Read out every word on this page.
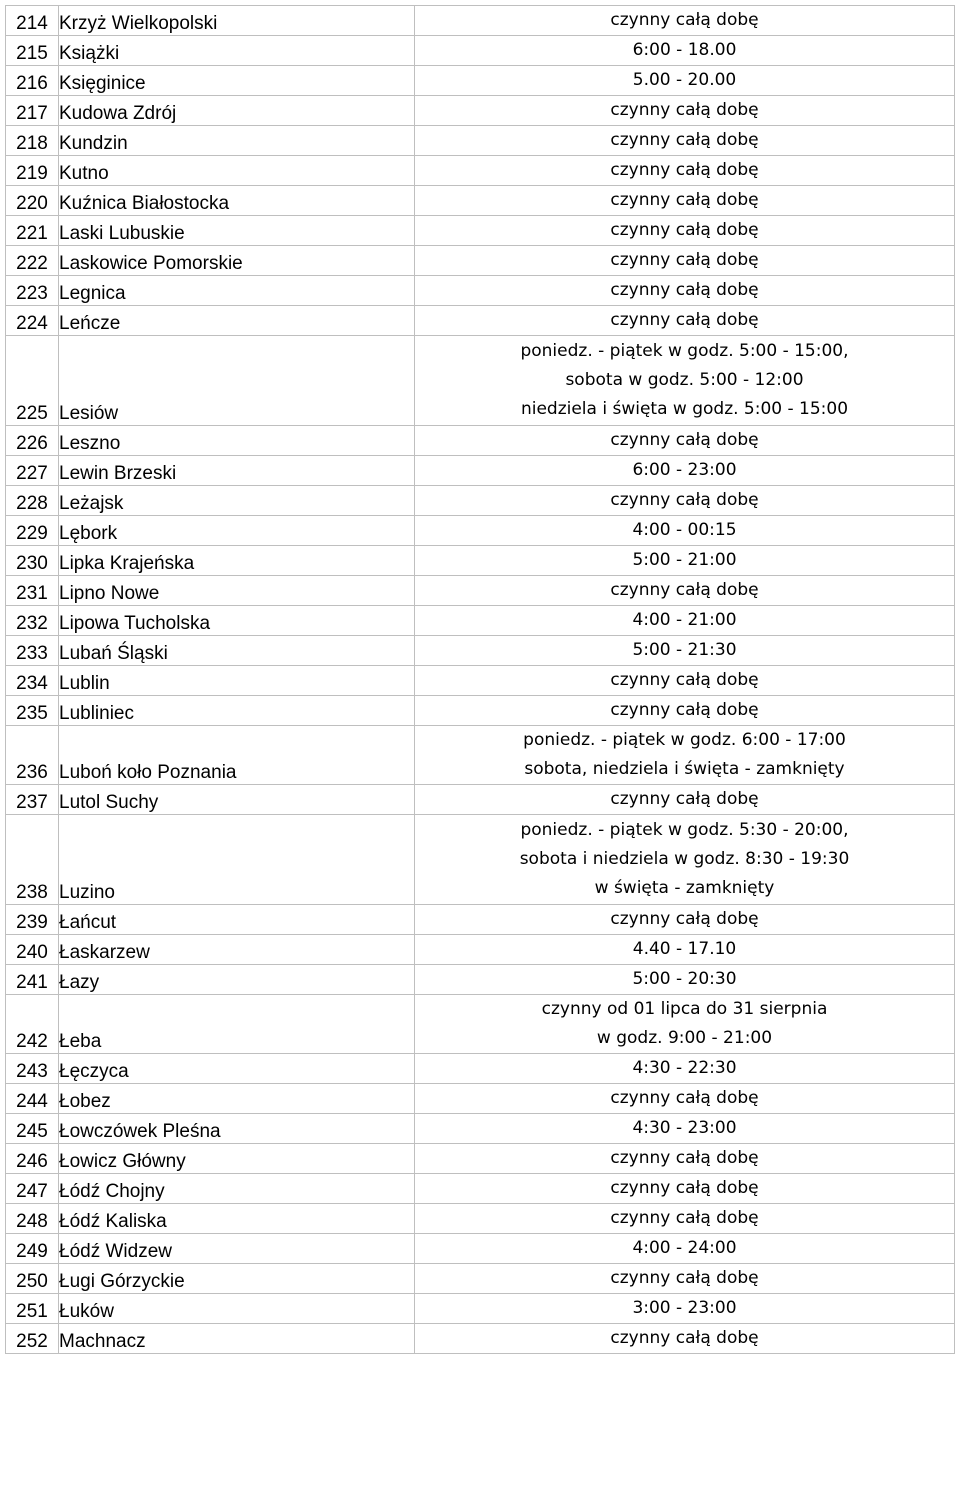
214	Krzyż Wielkopolski	czynny całą dobę
215	Książki	6:00 - 18.00
216	Księginice	5.00 - 20.00
217	Kudowa Zdrój	czynny całą dobę
218	Kundzin	czynny całą dobę
219	Kutno	czynny całą dobę
220	Kuźnica Białostocka	czynny całą dobę
221	Laski Lubuskie	czynny całą dobę
222	Laskowice Pomorskie	czynny całą dobę
223	Legnica	czynny całą dobę
224	Leńcze	czynny całą dobę
225	Lesiów	poniedz. - piątek w godz. 5:00 - 15:00,
sobota w godz. 5:00 - 12:00
niedziela i święta w godz. 5:00 - 15:00
226	Leszno	czynny całą dobę
227	Lewin Brzeski	6:00 - 23:00
228	Leżajsk	czynny całą dobę
229	Lębork	4:00 - 00:15
230	Lipka Krajeńska	5:00 - 21:00
231	Lipno Nowe	czynny całą dobę
232	Lipowa Tucholska	4:00 - 21:00
233	Lubań Śląski	5:00 - 21:30
234	Lublin	czynny całą dobę
235	Lubliniec	czynny całą dobę
236	Luboń koło Poznania	poniedz. - piątek w godz. 6:00 - 17:00
sobota, niedziela i święta - zamknięty
237	Lutol Suchy	czynny całą dobę
238	Luzino	poniedz. - piątek w godz. 5:30 - 20:00,
sobota i niedziela w godz. 8:30 - 19:30
w święta - zamknięty
239	Łańcut	czynny całą dobę
240	Łaskarzew	4.40 - 17.10
241	Łazy	5:00 - 20:30
242	Łeba	czynny od 01 lipca do 31 sierpnia
w godz. 9:00 - 21:00
243	Łęczyca	4:30 - 22:30
244	Łobez	czynny całą dobę
245	Łowczówek Pleśna	4:30 - 23:00
246	Łowicz Główny	czynny całą dobę
247	Łódź Chojny	czynny całą dobę
248	Łódź Kaliska	czynny całą dobę
249	Łódź Widzew	4:00 - 24:00
250	Ługi Górzyckie	czynny całą dobę
251	Łuków	3:00 - 23:00
252	Machnacz	czynny całą dobę
